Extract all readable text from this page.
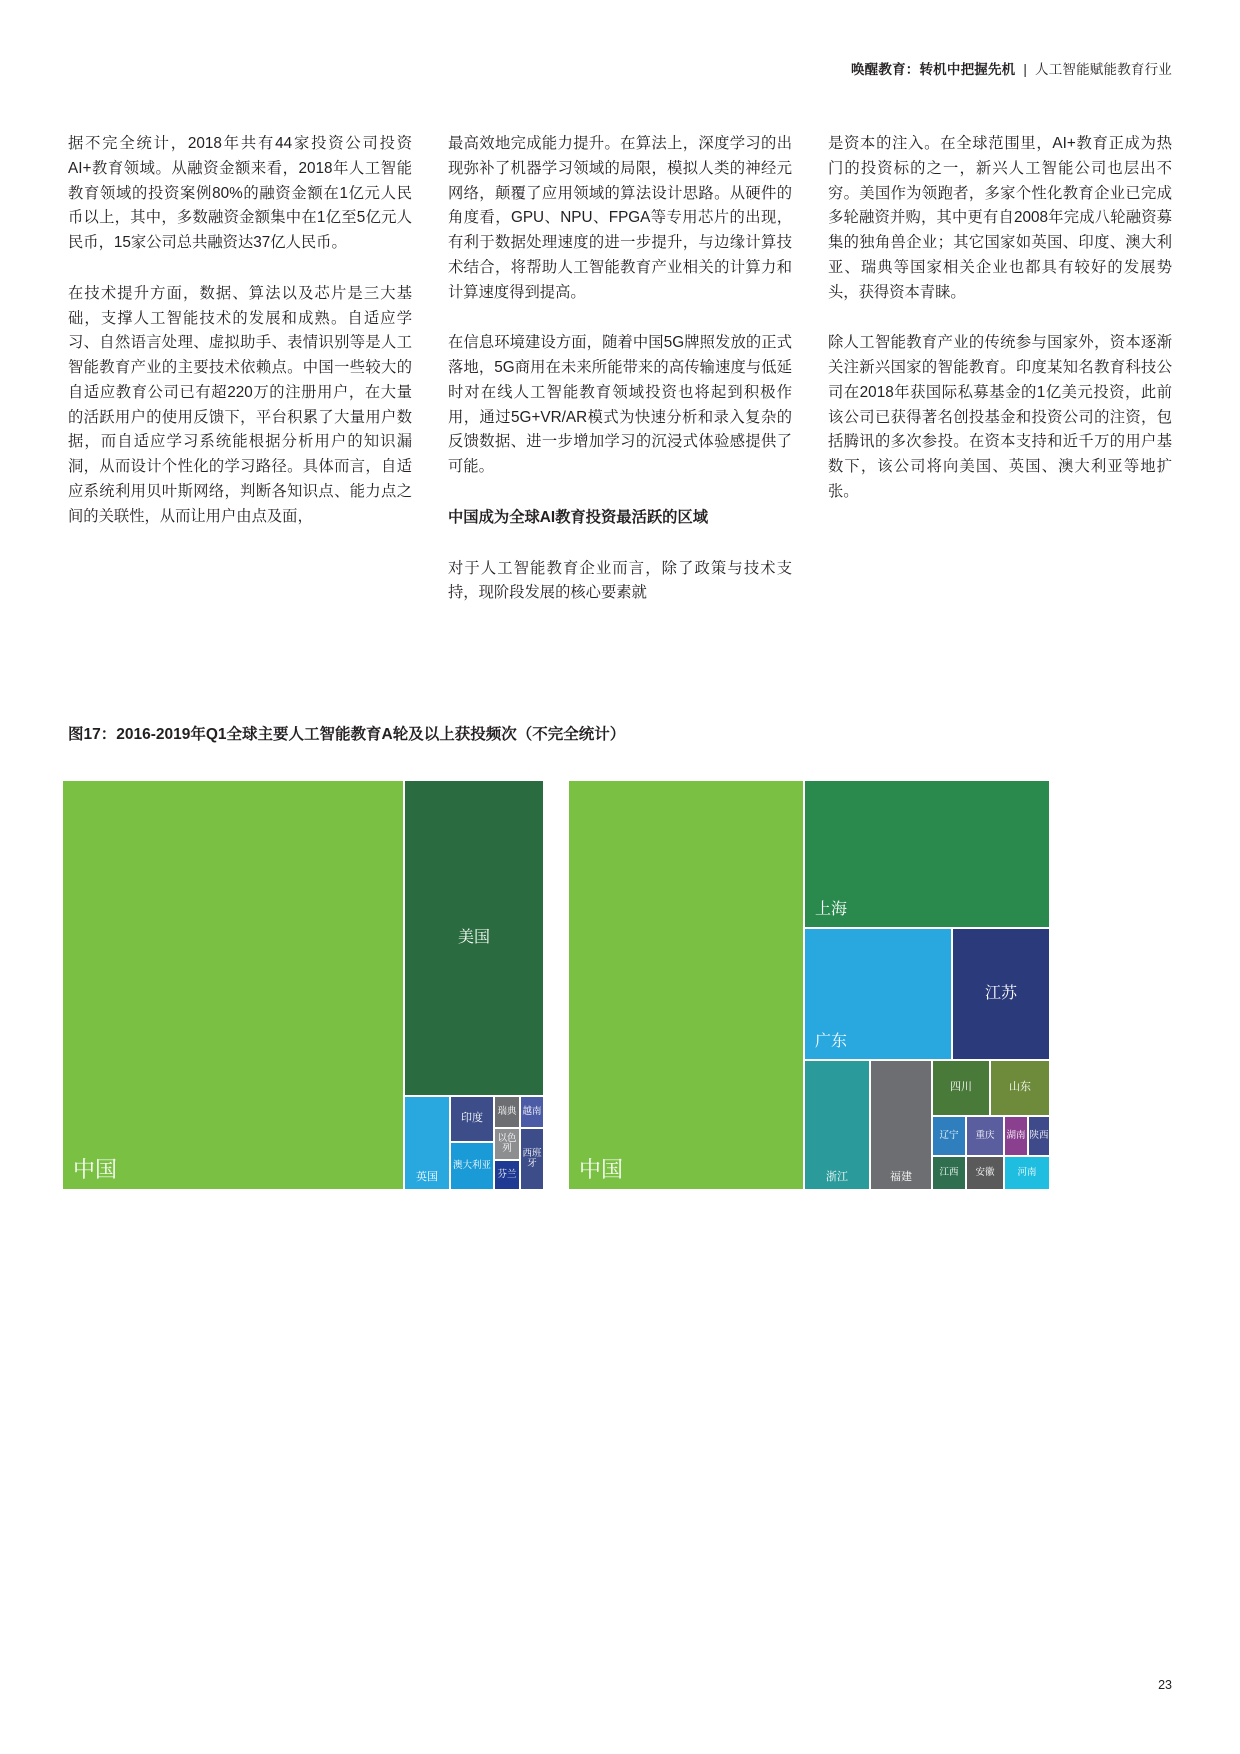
唤醒教育：转机中把握先机 | 人工智能赋能教育行业

据不完全统计，2018年共有44家投资公司投资AI+教育领域。从融资金额来看，2018年人工智能教育领域的投资案例80%的融资金额在1亿元人民币以上，其中，多数融资金额集中在1亿至5亿元人民币，15家公司总共融资达37亿人民币。

在技术提升方面，数据、算法以及芯片是三大基础，支撑人工智能技术的发展和成熟。自适应学习、自然语言处理、虚拟助手、表情识别等是人工智能教育产业的主要技术依赖点。中国一些较大的自适应教育公司已有超220万的注册用户，在大量的活跃用户的使用反馈下，平台积累了大量用户数据，而自适应学习系统能根据分析用户的知识漏洞，从而设计个性化的学习路径。具体而言，自适应系统利用贝叶斯网络，判断各知识点、能力点之间的关联性，从而让用户由点及面，

最高效地完成能力提升。在算法上，深度学习的出现弥补了机器学习领域的局限，模拟人类的神经元网络，颠覆了应用领域的算法设计思路。从硬件的角度看，GPU、NPU、FPGA等专用芯片的出现，有利于数据处理速度的进一步提升，与边缘计算技术结合，将帮助人工智能教育产业相关的计算力和计算速度得到提高。

在信息环境建设方面，随着中国5G牌照发放的正式落地，5G商用在未来所能带来的高传输速度与低延时对在线人工智能教育领域投资也将起到积极作用，通过5G+VR/AR模式为快速分析和录入复杂的反馈数据、进一步增加学习的沉浸式体验感提供了可能。

中国成为全球AI教育投资最活跃的区域

对于人工智能教育企业而言，除了政策与技术支持，现阶段发展的核心要素就

是资本的注入。在全球范围里，AI+教育正成为热门的投资标的之一，新兴人工智能公司也层出不穷。美国作为领跑者，多家个性化教育企业已完成多轮融资并购，其中更有自2008年完成八轮融资募集的独角兽企业；其它国家如英国、印度、澳大利亚、瑞典等国家相关企业也都具有较好的发展势头，获得资本青睐。

除人工智能教育产业的传统参与国家外，资本逐渐关注新兴国家的智能教育。印度某知名教育科技公司在2018年获国际私募基金的1亿美元投资，此前该公司已获得著名创投基金和投资公司的注资，包括腾讯的多次参投。在资本支持和近千万的用户基数下，该公司将向美国、英国、澳大利亚等地扩张。

图17：2016-2019年Q1全球主要人工智能教育A轮及以上获投频次（不完全统计）
中国
美国
英国
印度
澳大利亚
瑞典
以色列
芬兰
越南
西班牙 中国
上海
广东
江苏
浙江	福建
四川	山东
辽宁	重庆	湖南 陕西
江西	安徽	河南
23
